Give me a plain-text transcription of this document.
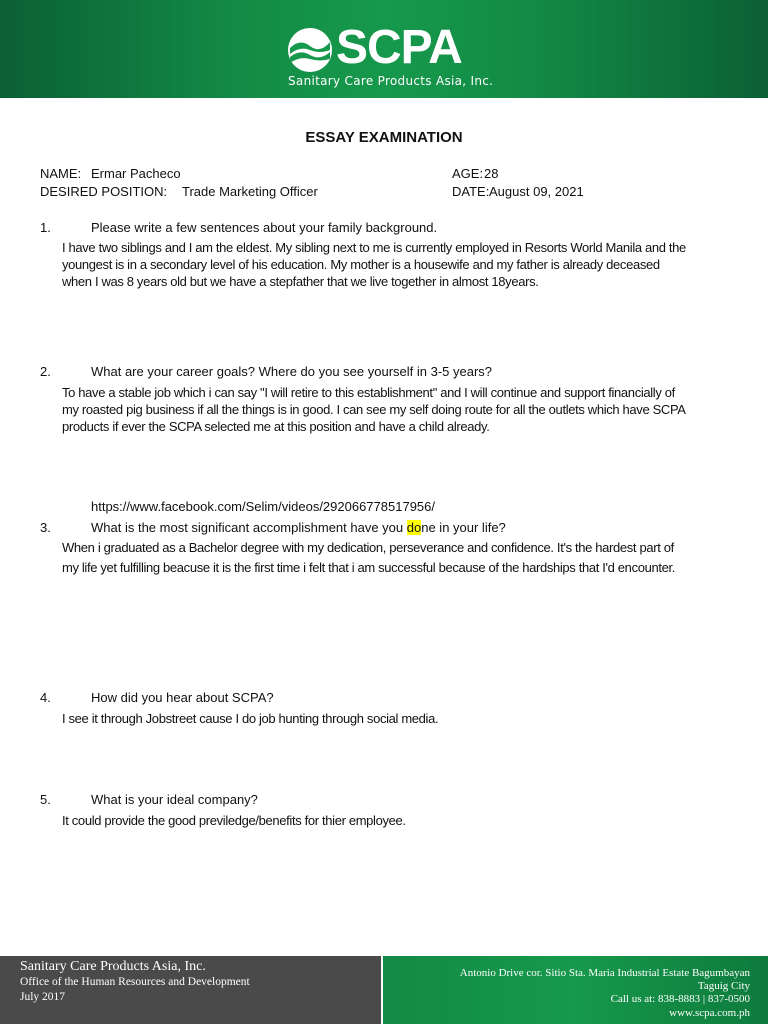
SCPA
Sanitary Care Products Asia, Inc.
ESSAY EXAMINATION
NAME: Ermar Pacheco	AGE: 28
DESIRED POSITION: Trade Marketing Officer	DATE: August 09, 2021
1.	Please write a few sentences about your family background.
I have two siblings and I am the eldest. My sibling next to me is currently employed in Resorts World Manila and the youngest is in a secondary level of his education. My mother is a housewife and my father is already deceased when I was 8 years old but we have a stepfather that we live together in almost 18years.
2.	What are your career goals? Where do you see yourself in 3-5 years?
To have a stable job which i can say "I will retire to this establishment" and I will continue and support financially of my roasted pig business if all the things is in good. I can see my self doing route for all the outlets which have SCPA products if ever the SCPA selected me at this position and have a child already.
https://www.facebook.com/Selim/videos/292066778517956/
3.	What is the most significant accomplishment have you done in your life?
When i graduated as a Bachelor degree with my dedication, perseverance and confidence. It's the hardest part of my life yet fulfilling beacuse it is the first time i felt that i am successful because of the hardships that I'd encounter.
4.	How did you hear about SCPA?
I see it through Jobstreet cause I do job hunting through social media.
5.	What is your ideal company?
It could provide the good previledge/benefits for thier employee.
Sanitary Care Products Asia, Inc.
Office of the Human Resources and Development
July 2017
Antonio Drive cor. Sitio Sta. Maria Industrial Estate Bagumbayan
Taguig City
Call us at: 838-8883 | 837-0500
www.scpa.com.ph
